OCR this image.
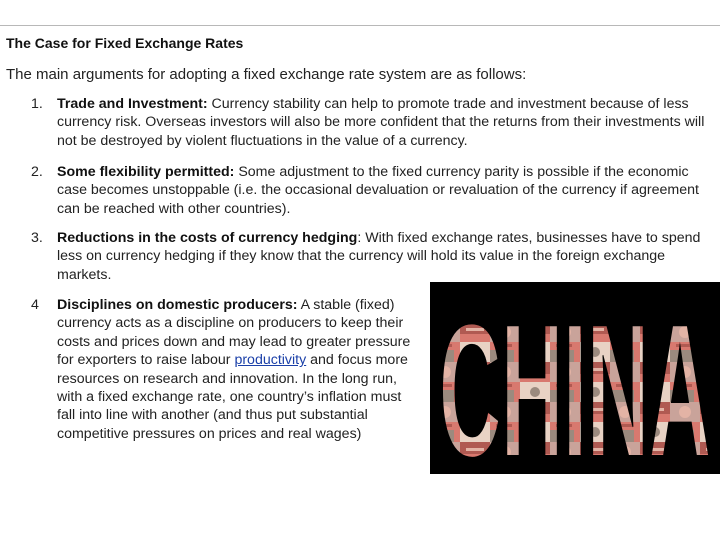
The Case for Fixed Exchange Rates
The main arguments for adopting a fixed exchange rate system are as follows:
1. Trade and Investment: Currency stability can help to promote trade and investment because of less currency risk. Overseas investors will also be more confident that the returns from their investments will not be destroyed by violent fluctuations in the value of a currency.
2. Some flexibility permitted: Some adjustment to the fixed currency parity is possible if the economic case becomes unstoppable (i.e. the occasional devaluation or revaluation of the currency if agreement can be reached with other countries).
3. Reductions in the costs of currency hedging: With fixed exchange rates, businesses have to spend less on currency hedging if they know that the currency will hold its value in the foreign exchange markets.
4	Disciplines on domestic producers: A stable (fixed) currency acts as a discipline on producers to keep their costs and prices down and may lead to greater pressure for exporters to raise labour productivity and focus more resources on research and innovation. In the long run, with a fixed exchange rate, one country’s inflation must fall into line with another (and thus put substantial competitive pressures on prices and real wages) CHINA
